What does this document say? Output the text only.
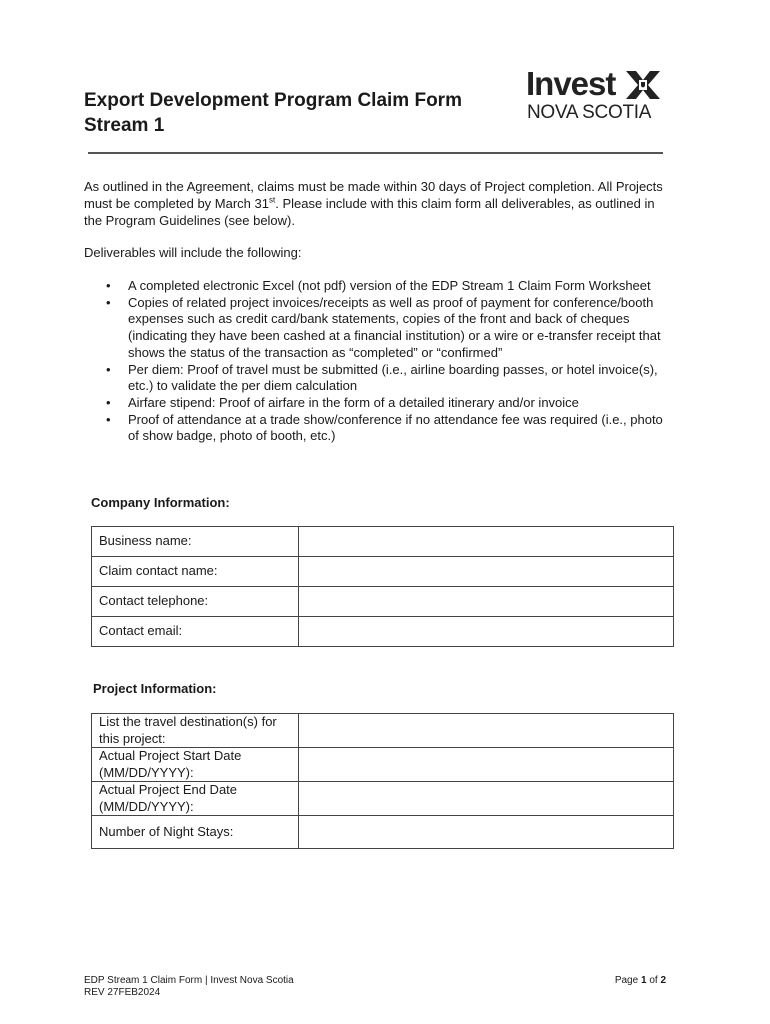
Export Development Program Claim Form
Stream 1
Invest
NOVA SCOTIA
As outlined in the Agreement, claims must be made within 30 days of Project completion. All Projects must be completed by March 31st. Please include with this claim form all deliverables, as outlined in the Program Guidelines (see below).
Deliverables will include the following:
• A completed electronic Excel (not pdf) version of the EDP Stream 1 Claim Form Worksheet
• Copies of related project invoices/receipts as well as proof of payment for conference/booth expenses such as credit card/bank statements, copies of the front and back of cheques (indicating they have been cashed at a financial institution) or a wire or e-transfer receipt that shows the status of the transaction as “completed” or “confirmed”
• Per diem: Proof of travel must be submitted (i.e., airline boarding passes, or hotel invoice(s), etc.) to validate the per diem calculation
• Airfare stipend: Proof of airfare in the form of a detailed itinerary and/or invoice
• Proof of attendance at a trade show/conference if no attendance fee was required (i.e., photo of show badge, photo of booth, etc.)
Company Information:
Business name:	
Claim contact name:	
Contact telephone:	
Contact email:	
Project Information:
List the travel destination(s) for this project:	
Actual Project Start Date (MM/DD/YYYY):	
Actual Project End Date (MM/DD/YYYY):	
Number of Night Stays:	
EDP Stream 1 Claim Form | Invest Nova Scotia
REV 27FEB2024
Page 1 of 2
